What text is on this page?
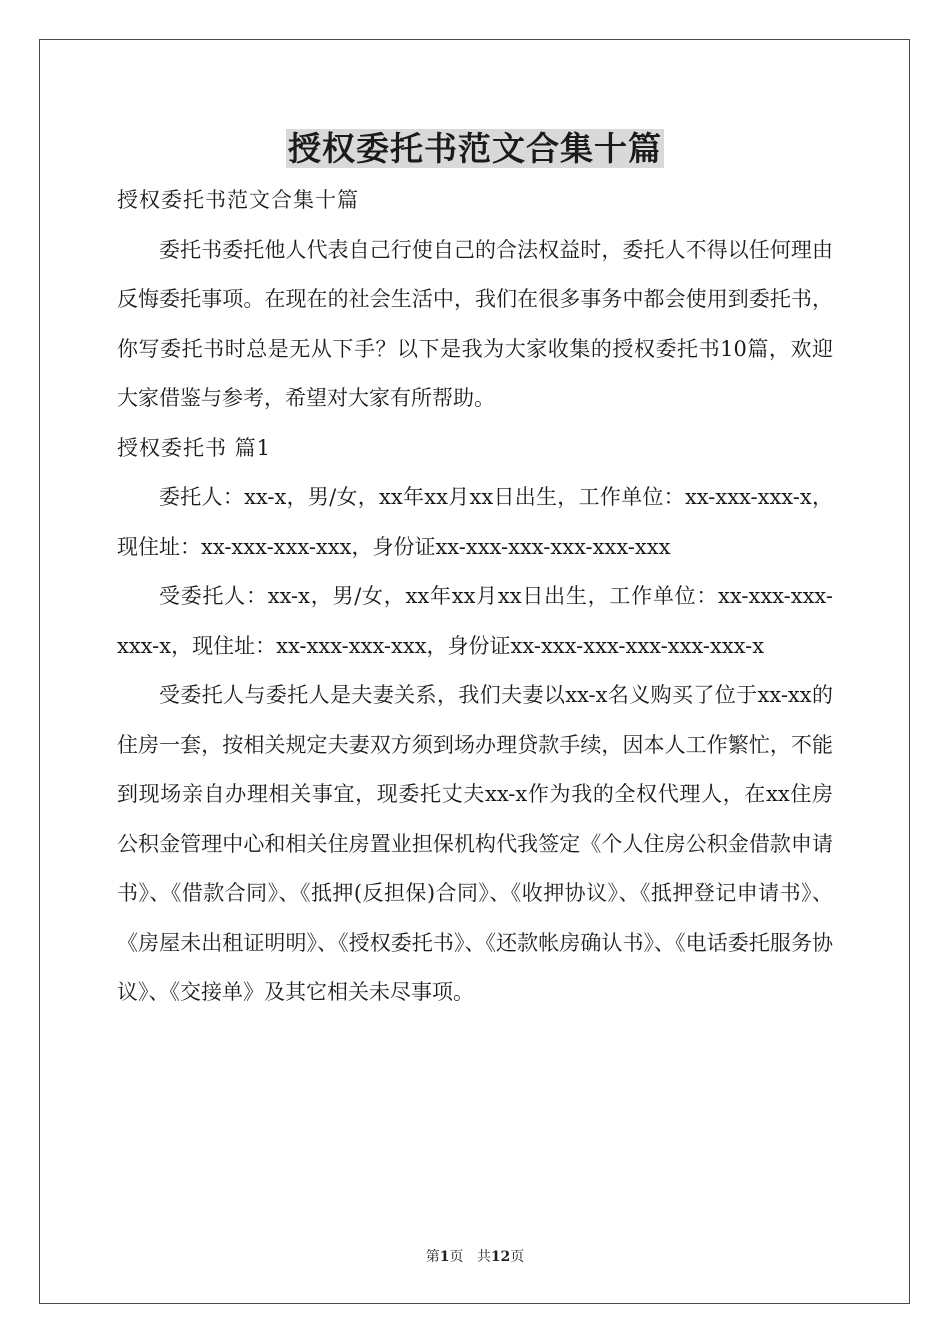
授权委托书范文合集十篇

授权委托书范文合集十篇

委托书委托他人代表自己行使自己的合法权益时，委托人不得以任何理由反悔委托事项。在现在的社会生活中，我们在很多事务中都会使用到委托书，你写委托书时总是无从下手？以下是我为大家收集的授权委托书10篇，欢迎大家借鉴与参考，希望对大家有所帮助。

授权委托书 篇1

委托人：xx-x，男/女，xx年xx月xx日出生，工作单位：xx-xxx-xxx-x，现住址：xx-xxx-xxx-xxx，身份证xx-xxx-xxx-xxx-xxx-xxx

受委托人：xx-x，男/女，xx年xx月xx日出生，工作单位：xx-xxx-xxx-xxx-x，现住址：xx-xxx-xxx-xxx，身份证xx-xxx-xxx-xxx-xxx-xxx-x

受委托人与委托人是夫妻关系，我们夫妻以xx-x名义购买了位于xx-xx的住房一套，按相关规定夫妻双方须到场办理贷款手续，因本人工作繁忙，不能到现场亲自办理相关事宜，现委托丈夫xx-x作为我的全权代理人，在xx住房公积金管理中心和相关住房置业担保机构代我签定《个人住房公积金借款申请书》、《借款合同》、《抵押(反担保)合同》、《收押协议》、《抵押登记申请书》、《房屋未出租证明明》、《授权委托书》、《还款帐房确认书》、《电话委托服务协议》、《交接单》及其它相关未尽事项。

第1页 共12页
